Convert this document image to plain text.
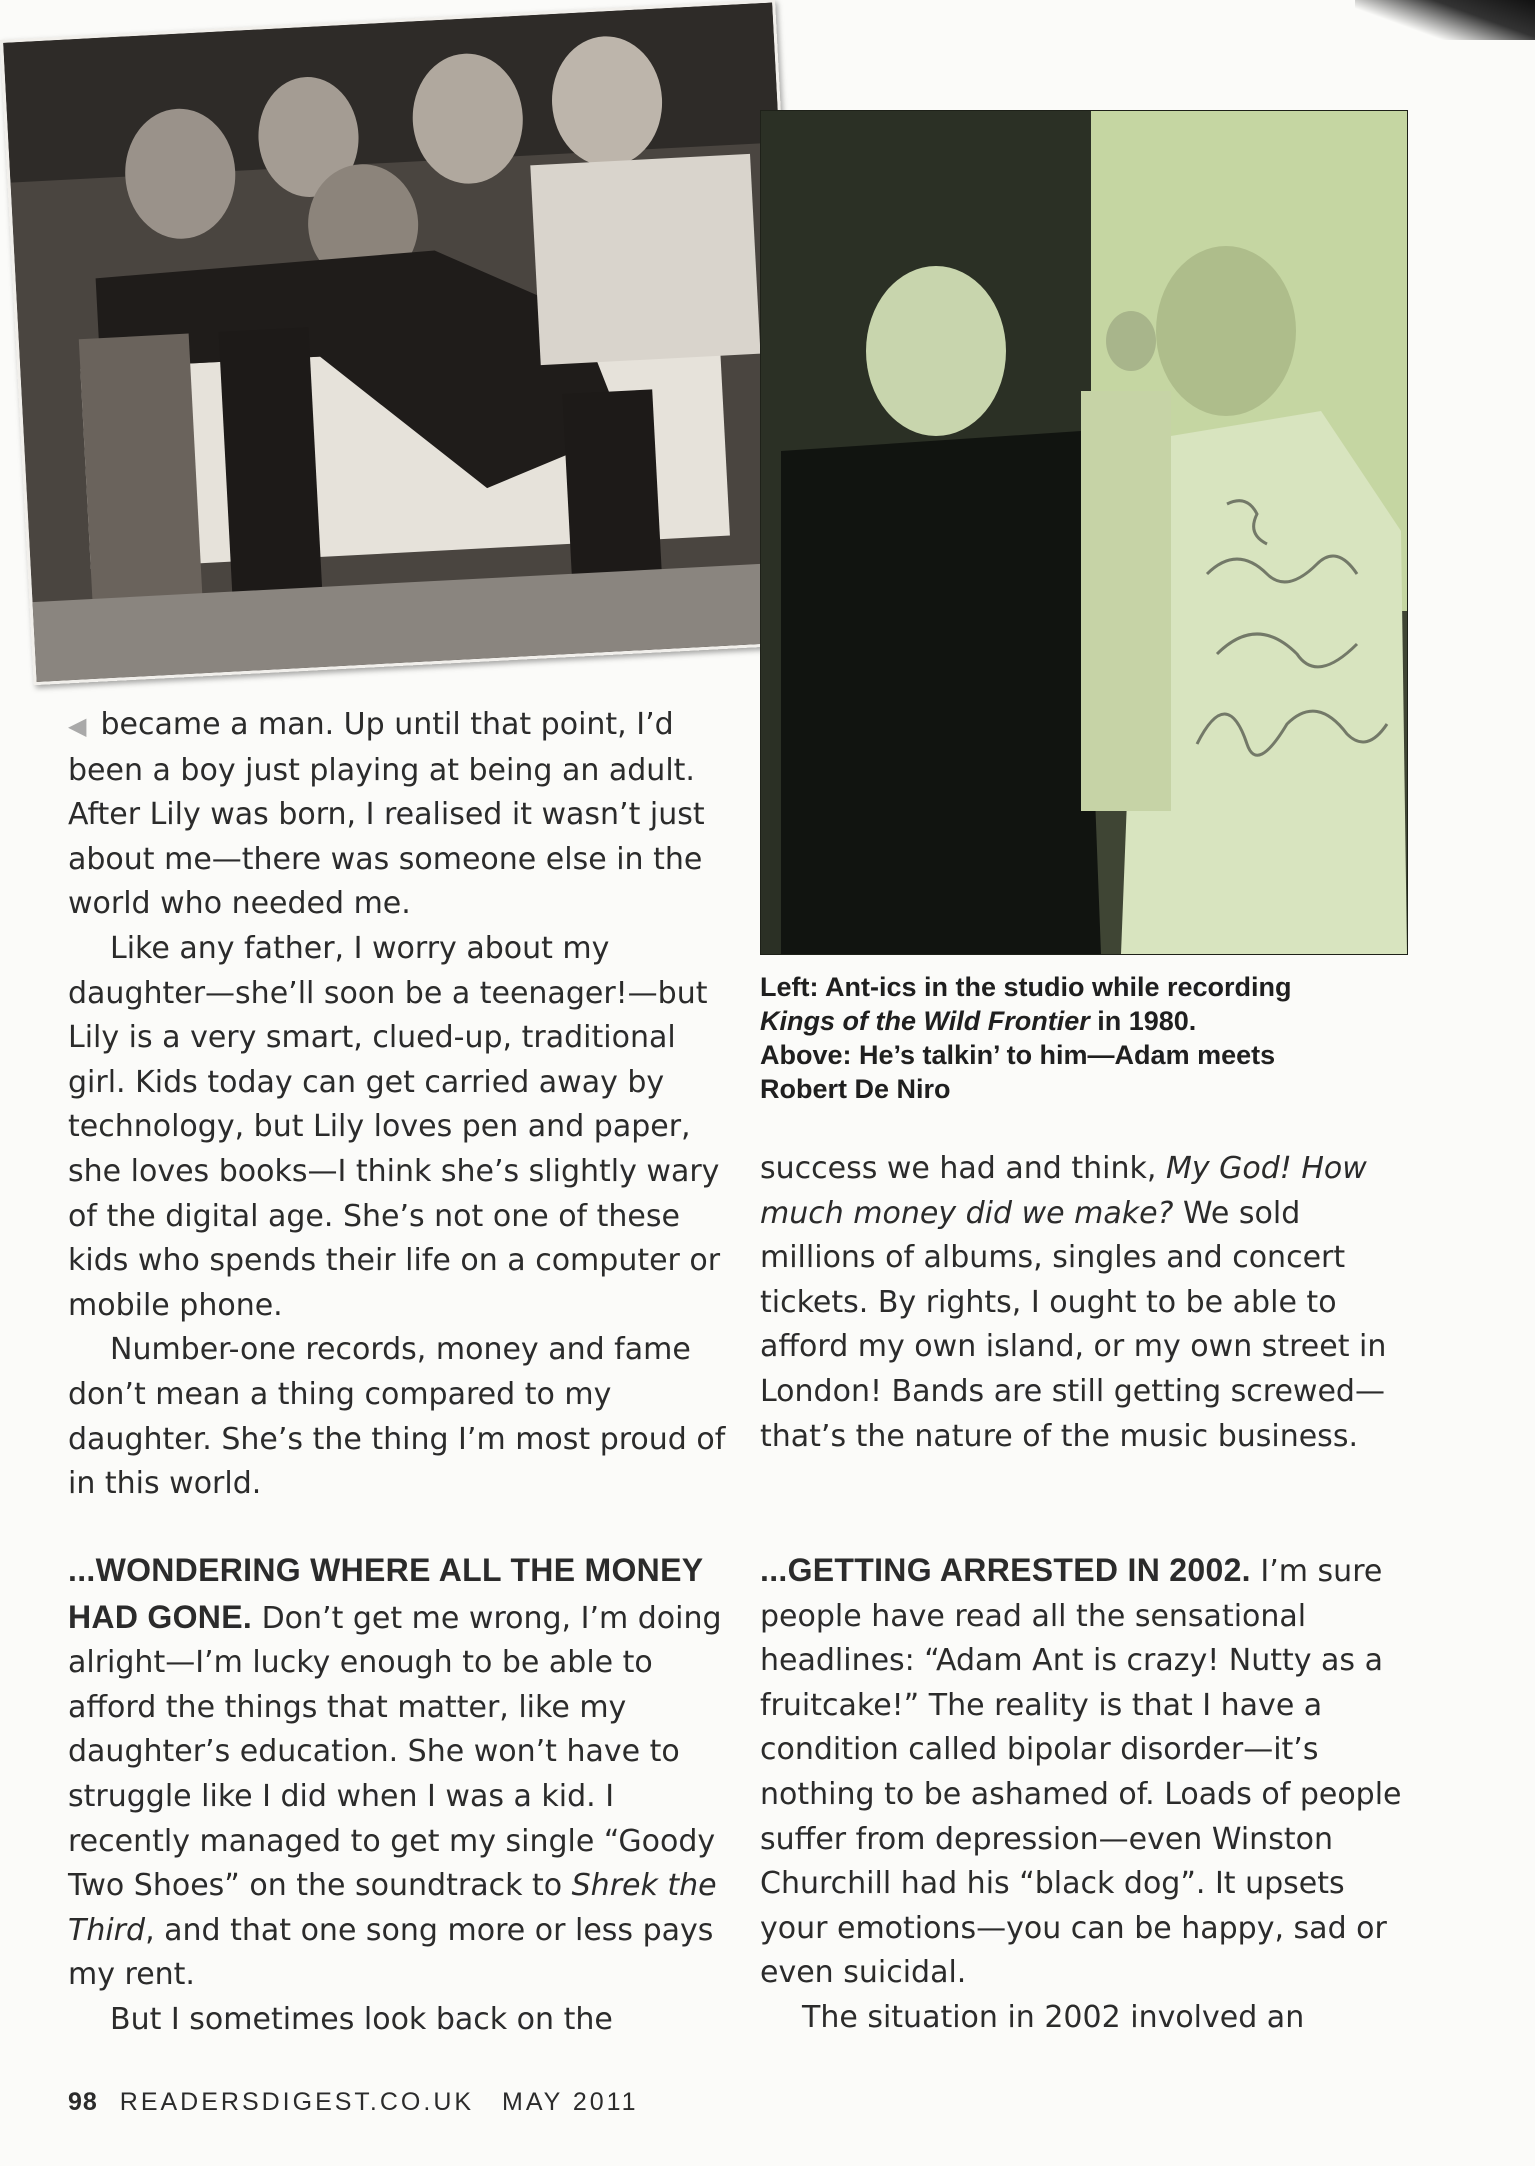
Left: Ant-ics in the studio while recording

Kings of the Wild Frontier in 1980.

Above: He’s talkin’ to him—Adam meets

Robert De Niro

◀ became a man. Up until that point, I’d been a boy just playing at being an adult. After Lily was born, I realised it wasn’t just about me—there was someone else in the world who needed me.

Like any father, I worry about my daughter—she’ll soon be a teenager!—but Lily is a very smart, clued-up, traditional girl. Kids today can get carried away by technology, but Lily loves pen and paper, she loves books—I think she’s slightly wary of the digital age. She’s not one of these kids who spends their life on a computer or mobile phone.

Number-one records, money and fame don’t mean a thing compared to my daughter. She’s the thing I’m most proud of in this world.

success we had and think, My God! How much money did we make? We sold millions of albums, singles and concert tickets. By rights, I ought to be able to afford my own island, or my own street in London! Bands are still getting screwed—that’s the nature of the music business.

...WONDERING WHERE ALL THE MONEY HAD GONE. Don’t get me wrong, I’m doing alright—I’m lucky enough to be able to afford the things that matter, like my daughter’s education. She won’t have to struggle like I did when I was a kid. I recently managed to get my single “Goody Two Shoes” on the soundtrack to Shrek the Third, and that one song more or less pays my rent.

But I sometimes look back on the

...GETTING ARRESTED IN 2002. I’m sure people have read all the sensational headlines: “Adam Ant is crazy! Nutty as a fruitcake!” The reality is that I have a condition called bipolar disorder—it’s nothing to be ashamed of. Loads of people suffer from depression—even Winston Churchill had his “black dog”. It upsets your emotions—you can be happy, sad or even suicidal.

The situation in 2002 involved an

98 READERSDIGEST.CO.UK MAY 2011
